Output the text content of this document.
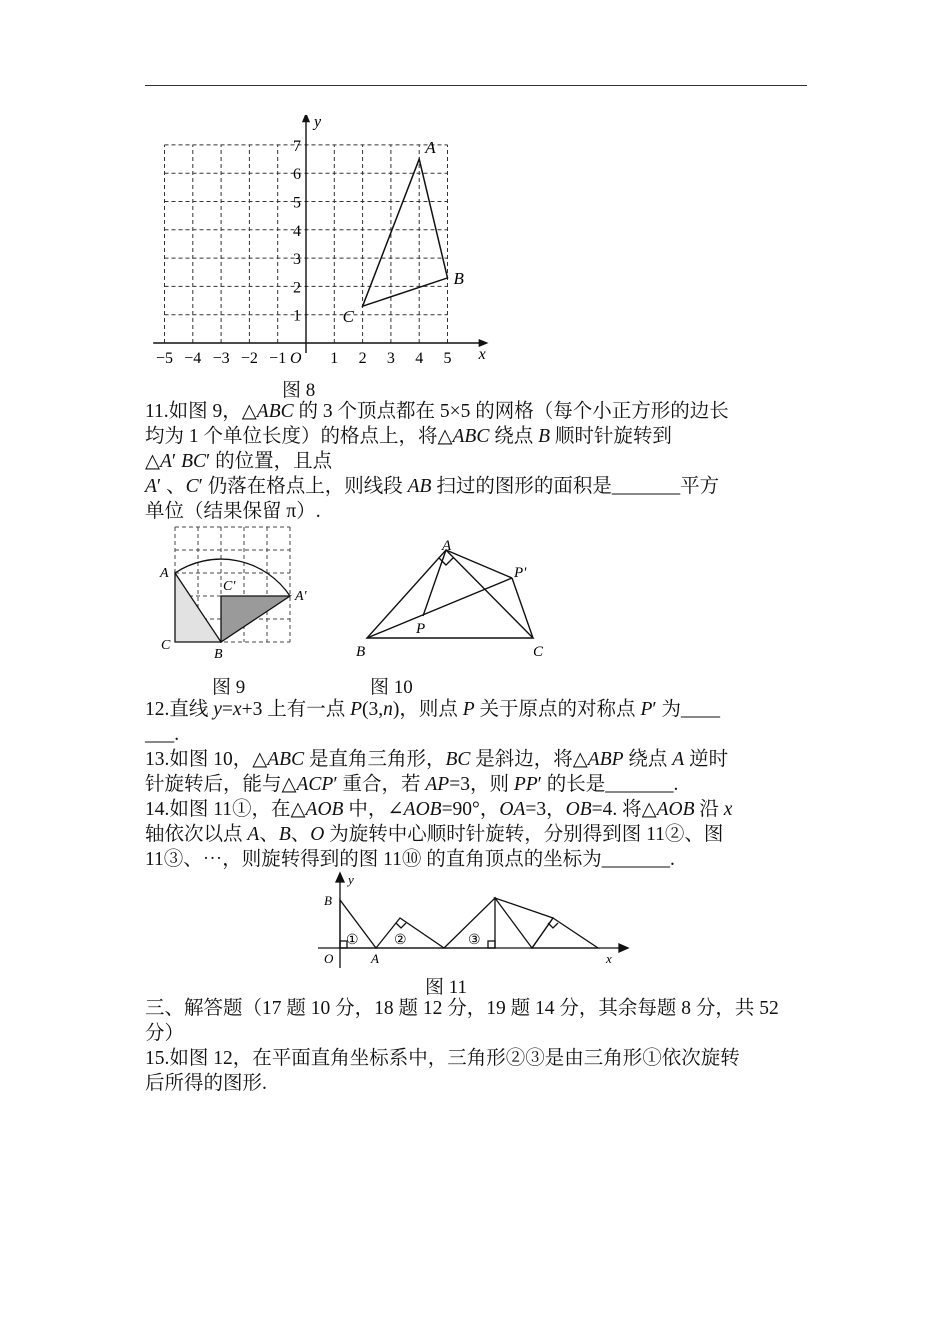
x
y
O
−5 −4 −3 −2 −1	1 2 3 4 5
1
2
3
4
5
6
7	A
B
C
图 8
11.如图 9，△ABC 的 3 个顶点都在 5×5 的网格（每个小正方形的边长
均为 1 个单位长度）的格点上，将△ABC 绕点 B 顺时针旋转到
△A′ BC′ 的位置，且点
A′ 、C′ 仍落在格点上，则线段 AB 扫过的图形的面积是_______平方
单位（结果保留 π）.
A
C
B
C′
A′
图 9
A
B	C
P
P′
图 10
12.直线 y=x+3 上有一点 P(3,n)，则点 P 关于原点的对称点 P′ 为____
___.
13.如图 10，△ABC 是直角三角形，BC 是斜边，将△ABP 绕点 A 逆时
针旋转后，能与△ACP′ 重合，若 AP=3，则 PP′ 的长是_______.
14.如图 11①，在△AOB 中，∠AOB=90°，OA=3，OB=4. 将△AOB 沿 x
轴依次以点 A、B、O 为旋转中心顺时针旋转，分别得到图 11②、图
11③、⋯，则旋转得到的图 11⑩ 的直角顶点的坐标为_______.
y
x
B
O	A
①	②	③
图 11
三、解答题（17 题 10 分，18 题 12 分，19 题 14 分，其余每题 8 分，共 52
分）
15.如图 12，在平面直角坐标系中，三角形②③是由三角形①依次旋转
后所得的图形.
